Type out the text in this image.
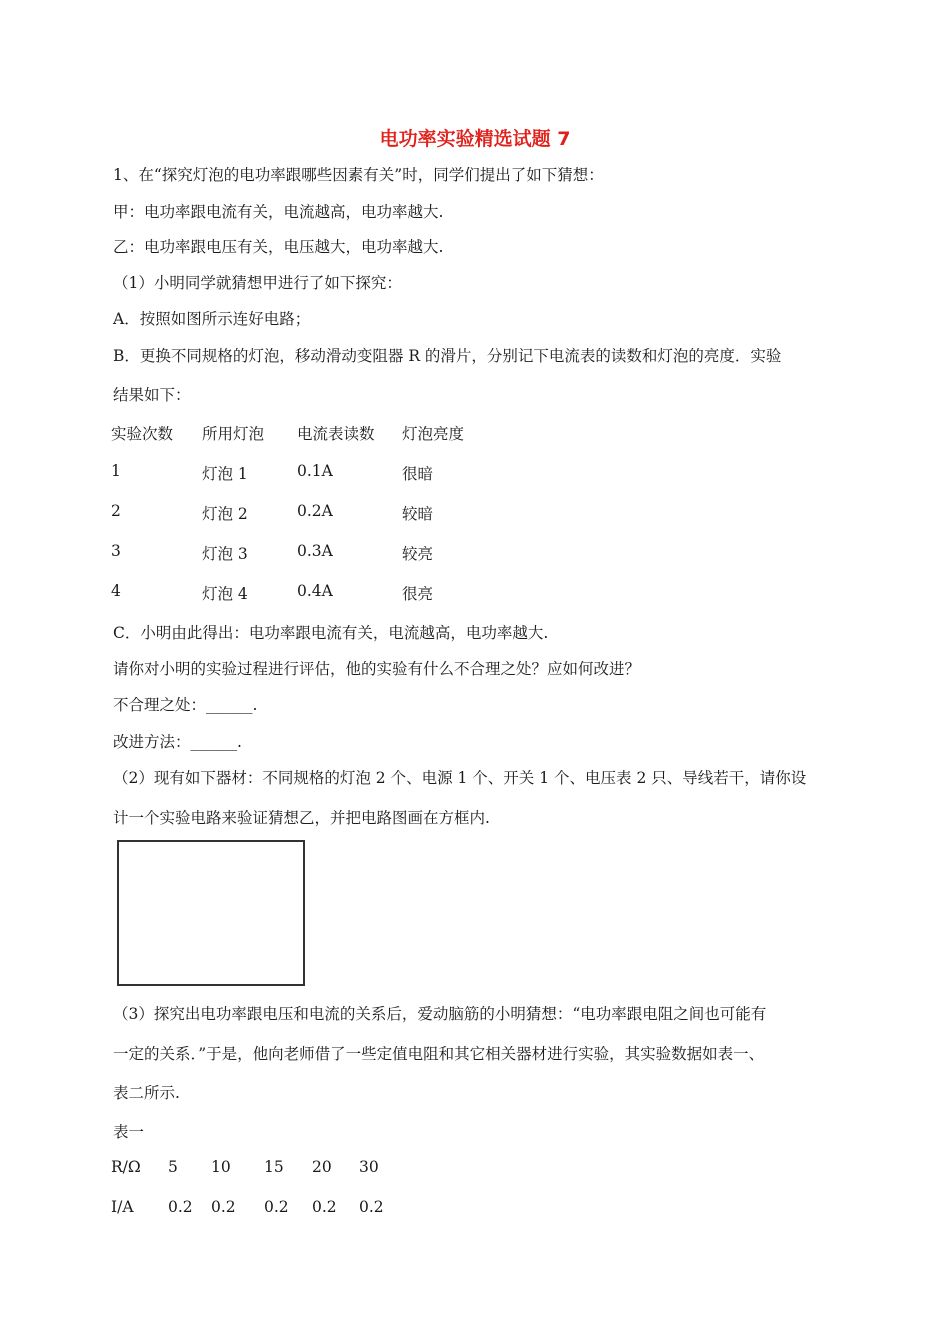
电功率实验精选试题 7
1、在“探究灯泡的电功率跟哪些因素有关”时，同学们提出了如下猜想：
甲：电功率跟电流有关，电流越高，电功率越大.
乙：电功率跟电压有关，电压越大，电功率越大.
（1）小明同学就猜想甲进行了如下探究：
A．按照如图所示连好电路；
B．更换不同规格的灯泡，移动滑动变阻器 R 的滑片，分别记下电流表的读数和灯泡的亮度．实验
结果如下：
实验次数 所用灯泡 电流表读数 灯泡亮度
1	灯泡 1	0.1A	很暗
2	灯泡 2	0.2A	较暗
3	灯泡 3	0.3A	较亮
4	灯泡 4	0.4A	很亮
C．小明由此得出：电功率跟电流有关，电流越高，电功率越大.
请你对小明的实验过程进行评估，他的实验有什么不合理之处？应如何改进？
不合理之处：______.
改进方法：______.
（2）现有如下器材：不同规格的灯泡 2 个、电源 1 个、开关 1 个、电压表 2 只、导线若干，请你设
计一个实验电路来验证猜想乙，并把电路图画在方框内.
（3）探究出电功率跟电压和电流的关系后，爱动脑筋的小明猜想：“电功率跟电阻之间也可能有
一定的关系．”于是，他向老师借了一些定值电阻和其它相关器材进行实验，其实验数据如表一、
表二所示.
表一
R/Ω 5 10 15 20 30
I/A 0.2 0.2 0.2 0.2 0.2
